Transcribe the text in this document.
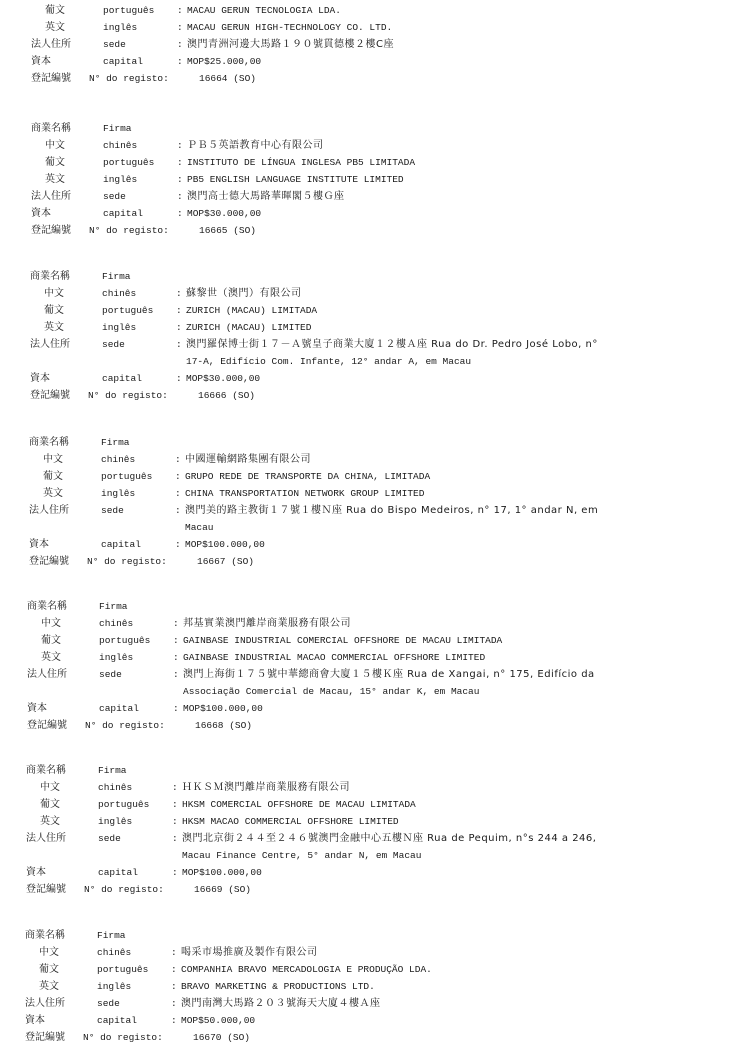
葡文	português : MACAU GERUN TECNOLOGIA LDA.
英文	inglês	: MACAU GERUN HIGH-TECHNOLOGY CO. LTD.
法人住所	sede	: 澳門青洲河邊大馬路１９０號貫德樓２樓C座
資本	capital	: MOP$25.000,00
登記編號 N° do registo:	16664 (SO)
商業名稱	Firma
中文	chinês	: ＰＢ５英語教育中心有限公司
葡文	português : INSTITUTO DE LÍNGUA INGLESA PB5 LIMITADA
英文	inglês	: PB5 ENGLISH LANGUAGE INSTITUTE LIMITED
法人住所	sede	: 澳門高士德大馬路華暉閣５樓Ｇ座
資本	capital	: MOP$30.000,00
登記編號 N° do registo:	16665 (SO)
商業名稱	Firma
中文	chinês	: 蘇黎世（澳門）有限公司
葡文	português : ZURICH (MACAU) LIMITADA
英文	inglês	: ZURICH (MACAU) LIMITED
法人住所	sede	: 澳門羅保博士街１７－Ａ號皇子商業大廈１２樓Ａ座 Rua do Dr. Pedro José Lobo, n°
17-A, Edifício Com. Infante, 12° andar A, em Macau
資本	capital	: MOP$30.000,00
登記編號 N° do registo:	16666 (SO)
商業名稱	Firma
中文	chinês	: 中國運輸網路集團有限公司
葡文	português : GRUPO REDE DE TRANSPORTE DA CHINA, LIMITADA
英文	inglês	: CHINA TRANSPORTATION NETWORK GROUP LIMITED
法人住所	sede	: 澳門美的路主教街１７號１樓Ｎ座 Rua do Bispo Medeiros, n° 17, 1° andar N, em
Macau
資本	capital	: MOP$100.000,00
登記編號 N° do registo:	16667 (SO)
商業名稱	Firma
中文	chinês	: 邦基實業澳門離岸商業服務有限公司
葡文	português : GAINBASE INDUSTRIAL COMERCIAL OFFSHORE DE MACAU LIMITADA
英文	inglês	: GAINBASE INDUSTRIAL MACAO COMMERCIAL OFFSHORE LIMITED
法人住所	sede	: 澳門上海街１７５號中華總商會大廈１５樓Ｋ座 Rua de Xangai, n° 175, Edifício da
Associação Comercial de Macau, 15° andar K, em Macau
資本	capital	: MOP$100.000,00
登記編號 N° do registo:	16668 (SO)
商業名稱	Firma
中文	chinês	: ＨＫＳＭ澳門離岸商業服務有限公司
葡文	português : HKSM COMERCIAL OFFSHORE DE MACAU LIMITADA
英文	inglês	: HKSM MACAO COMMERCIAL OFFSHORE LIMITED
法人住所	sede	: 澳門北京街２４４至２４６號澳門金融中心五樓Ｎ座 Rua de Pequim, n°s 244 a 246,
Macau Finance Centre, 5° andar N, em Macau
資本	capital	: MOP$100.000,00
登記編號 N° do registo:	16669 (SO)
商業名稱	Firma
中文	chinês	: 喝采市場推廣及製作有限公司
葡文	português : COMPANHIA BRAVO MERCADOLOGIA E PRODUÇÃO LDA.
英文	inglês	: BRAVO MARKETING & PRODUCTIONS LTD.
法人住所	sede	: 澳門南灣大馬路２０３號海天大廈４樓Ａ座
資本	capital	: MOP$50.000,00
登記編號 N° do registo:	16670 (SO)
